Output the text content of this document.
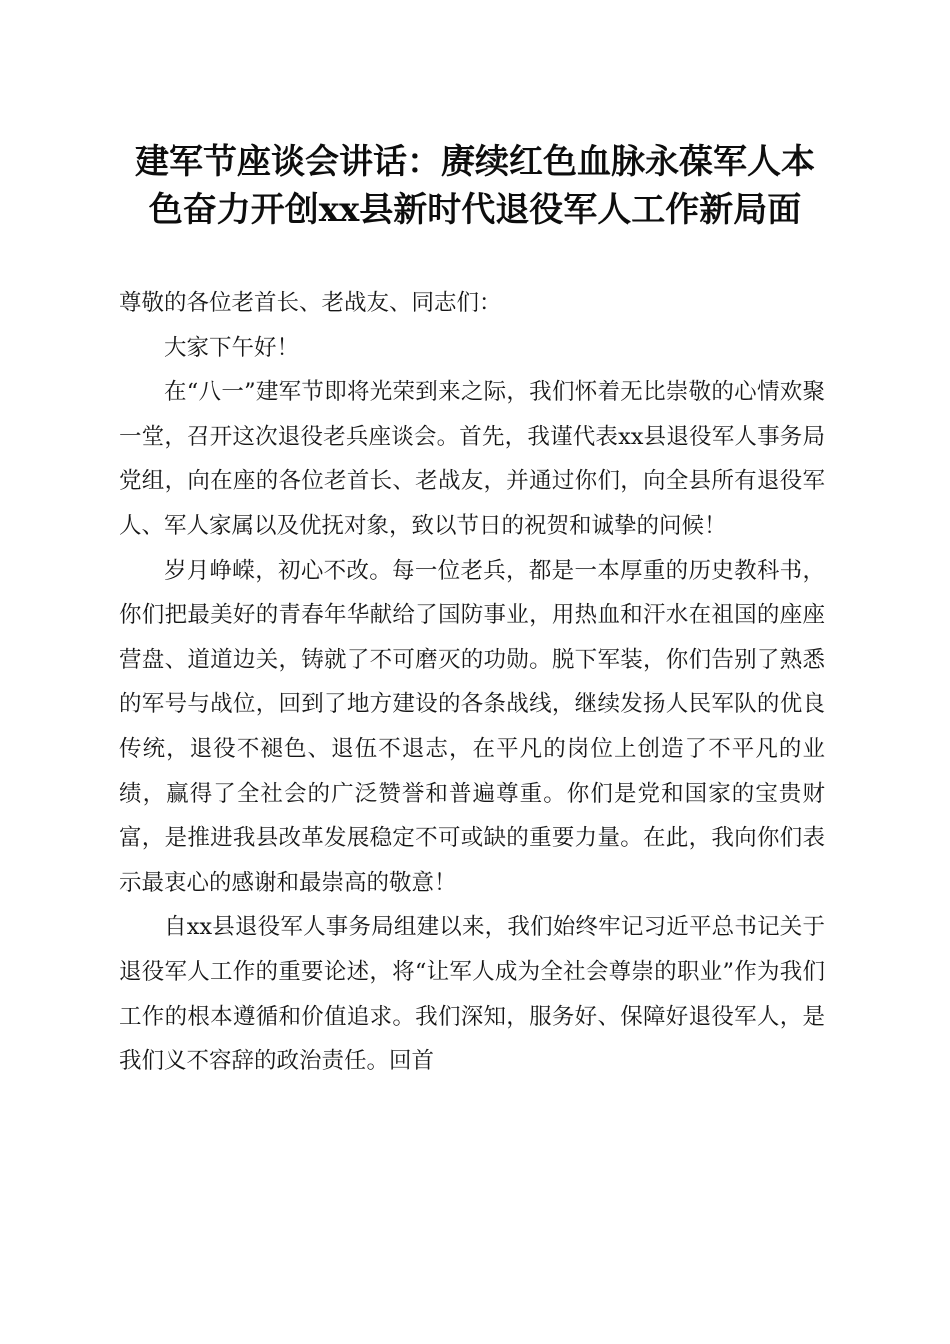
建军节座谈会讲话：赓续红色血脉永葆军人本
色奋力开创xx县新时代退役军人工作新局面

尊敬的各位老首长、老战友、同志们：

大家下午好！

在“八一”建军节即将光荣到来之际，我们怀着无比崇敬的心情欢聚一堂，召开这次退役老兵座谈会。首先，我谨代表xx县退役军人事务局党组，向在座的各位老首长、老战友，并通过你们，向全县所有退役军人、军人家属以及优抚对象，致以节日的祝贺和诚挚的问候！

岁月峥嵘，初心不改。每一位老兵，都是一本厚重的历史教科书，你们把最美好的青春年华献给了国防事业，用热血和汗水在祖国的座座营盘、道道边关，铸就了不可磨灭的功勋。脱下军装，你们告别了熟悉的军号与战位，回到了地方建设的各条战线，继续发扬人民军队的优良传统，退役不褪色、退伍不退志，在平凡的岗位上创造了不平凡的业绩，赢得了全社会的广泛赞誉和普遍尊重。你们是党和国家的宝贵财富，是推进我县改革发展稳定不可或缺的重要力量。在此，我向你们表示最衷心的感谢和最崇高的敬意！

自xx县退役军人事务局组建以来，我们始终牢记习近平总书记关于退役军人工作的重要论述，将“让军人成为全社会尊崇的职业”作为我们工作的根本遵循和价值追求。我们深知，服务好、保障好退役军人，是我们义不容辞的政治责任。回首
